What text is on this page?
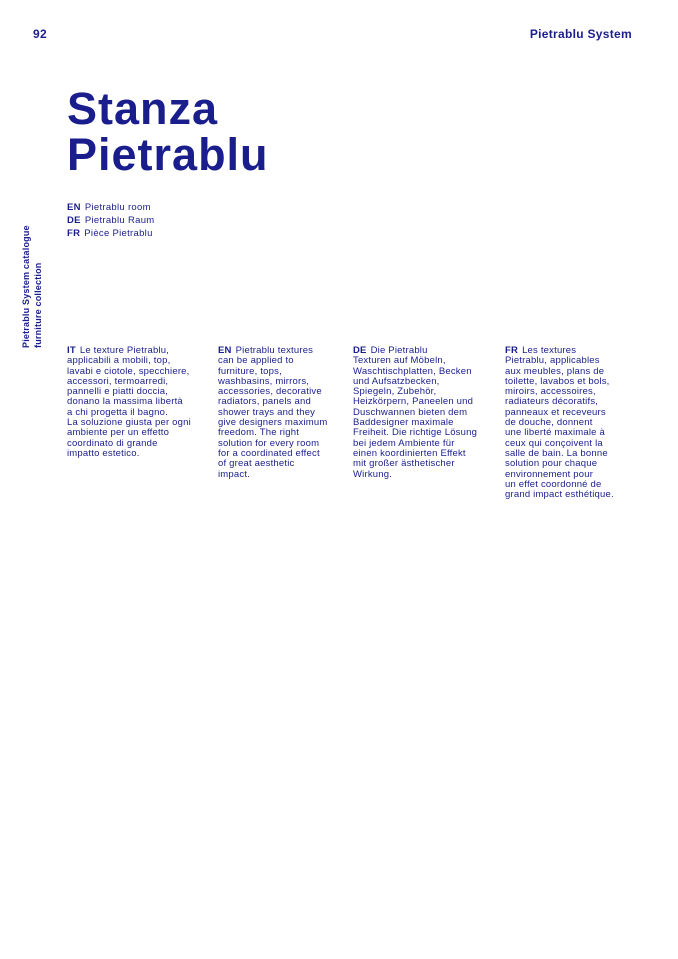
92	Pietrablu System
Pietrablu System catalogue furniture collection
Stanza
Pietrablu
EN Pietrablu room
DE Pietrablu Raum
FR Pièce Pietrablu
IT Le texture Pietrablu,
applicabili a mobili, top,
lavabi e ciotole, specchiere,
accessori, termoarredi,
pannelli e piatti doccia,
donano la massima libertà
a chi progetta il bagno.
La soluzione giusta per ogni
ambiente per un effetto
coordinato di grande
impatto estetico.
EN Pietrablu textures
can be applied to
furniture, tops,
washbasins, mirrors,
accessories, decorative
radiators, panels and
shower trays and they
give designers maximum
freedom. The right
solution for every room
for a coordinated effect
of great aesthetic
impact.
DE Die Pietrablu
Texturen auf Möbeln,
Waschtischplatten, Becken
und Aufsatzbecken,
Spiegeln, Zubehör,
Heizkörpern, Paneelen und
Duschwannen bieten dem
Baddesigner maximale
Freiheit. Die richtige Lösung
bei jedem Ambiente für
einen koordinierten Effekt
mit großer ästhetischer
Wirkung.
FR Les textures
Pietrablu, applicables
aux meubles, plans de
toilette, lavabos et bols,
miroirs, accessoires,
radiateurs décoratifs,
panneaux et receveurs
de douche, donnent
une liberté maximale à
ceux qui conçoivent la
salle de bain. La bonne
solution pour chaque
environnement pour
un effet coordonné de
grand impact esthétique.
